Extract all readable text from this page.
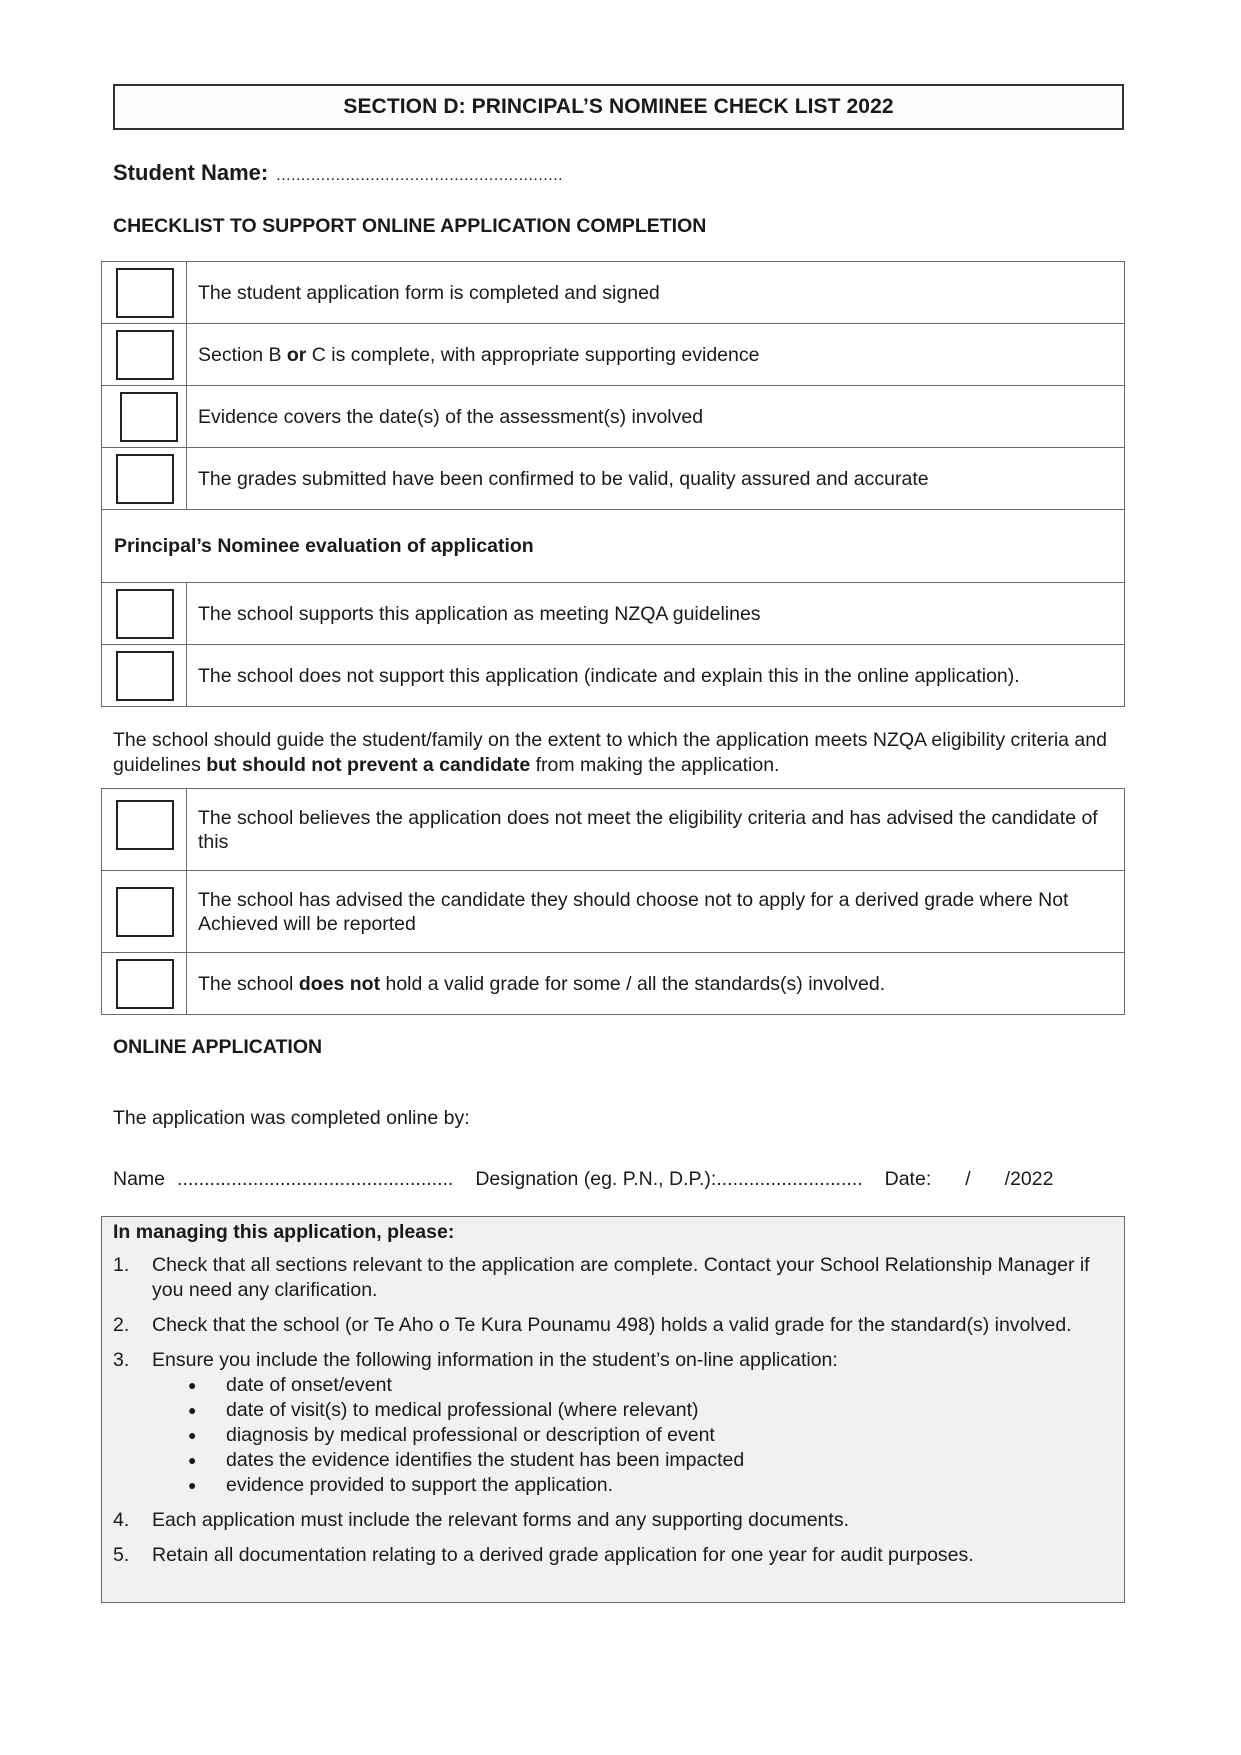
SECTION D: PRINCIPAL’S NOMINEE CHECK LIST 2022
Student Name: ..........................................................
CHECKLIST TO SUPPORT ONLINE APPLICATION COMPLETION
	The student application form is completed and signed

	Section B or C is complete, with appropriate supporting evidence

	Evidence covers the date(s) of the assessment(s) involved

	The grades submitted have been confirmed to be valid, quality assured and accurate
Principal’s Nominee evaluation of application	

	The school supports this application as meeting NZQA guidelines

	The school does not support this application (indicate and explain this in the online application).
The school should guide the student/family on the extent to which the application meets NZQA eligibility criteria and guidelines but should not prevent a candidate from making the application.
	The school believes the application does not meet the eligibility criteria and has advised the candidate of this

	The school has advised the candidate they should choose not to apply for a derived grade where Not Achieved will be reported

	The school does not hold a valid grade for some / all the standards(s) involved.
ONLINE APPLICATION
The application was completed online by:
Name ................................................... Designation (eg. P.N., D.P.): ........................... Date: / /2022
In managing this application, please:
1. Check that all sections relevant to the application are complete. Contact your School Relationship Manager if you need any clarification.
2. Check that the school (or Te Aho o Te Kura Pounamu 498) holds a valid grade for the standard(s) involved.
3. Ensure you include the following information in the student’s on-line application:
● date of onset/event
● date of visit(s) to medical professional (where relevant)
● diagnosis by medical professional or description of event
● dates the evidence identifies the student has been impacted
● evidence provided to support the application.
4. Each application must include the relevant forms and any supporting documents.
5. Retain all documentation relating to a derived grade application for one year for audit purposes.
